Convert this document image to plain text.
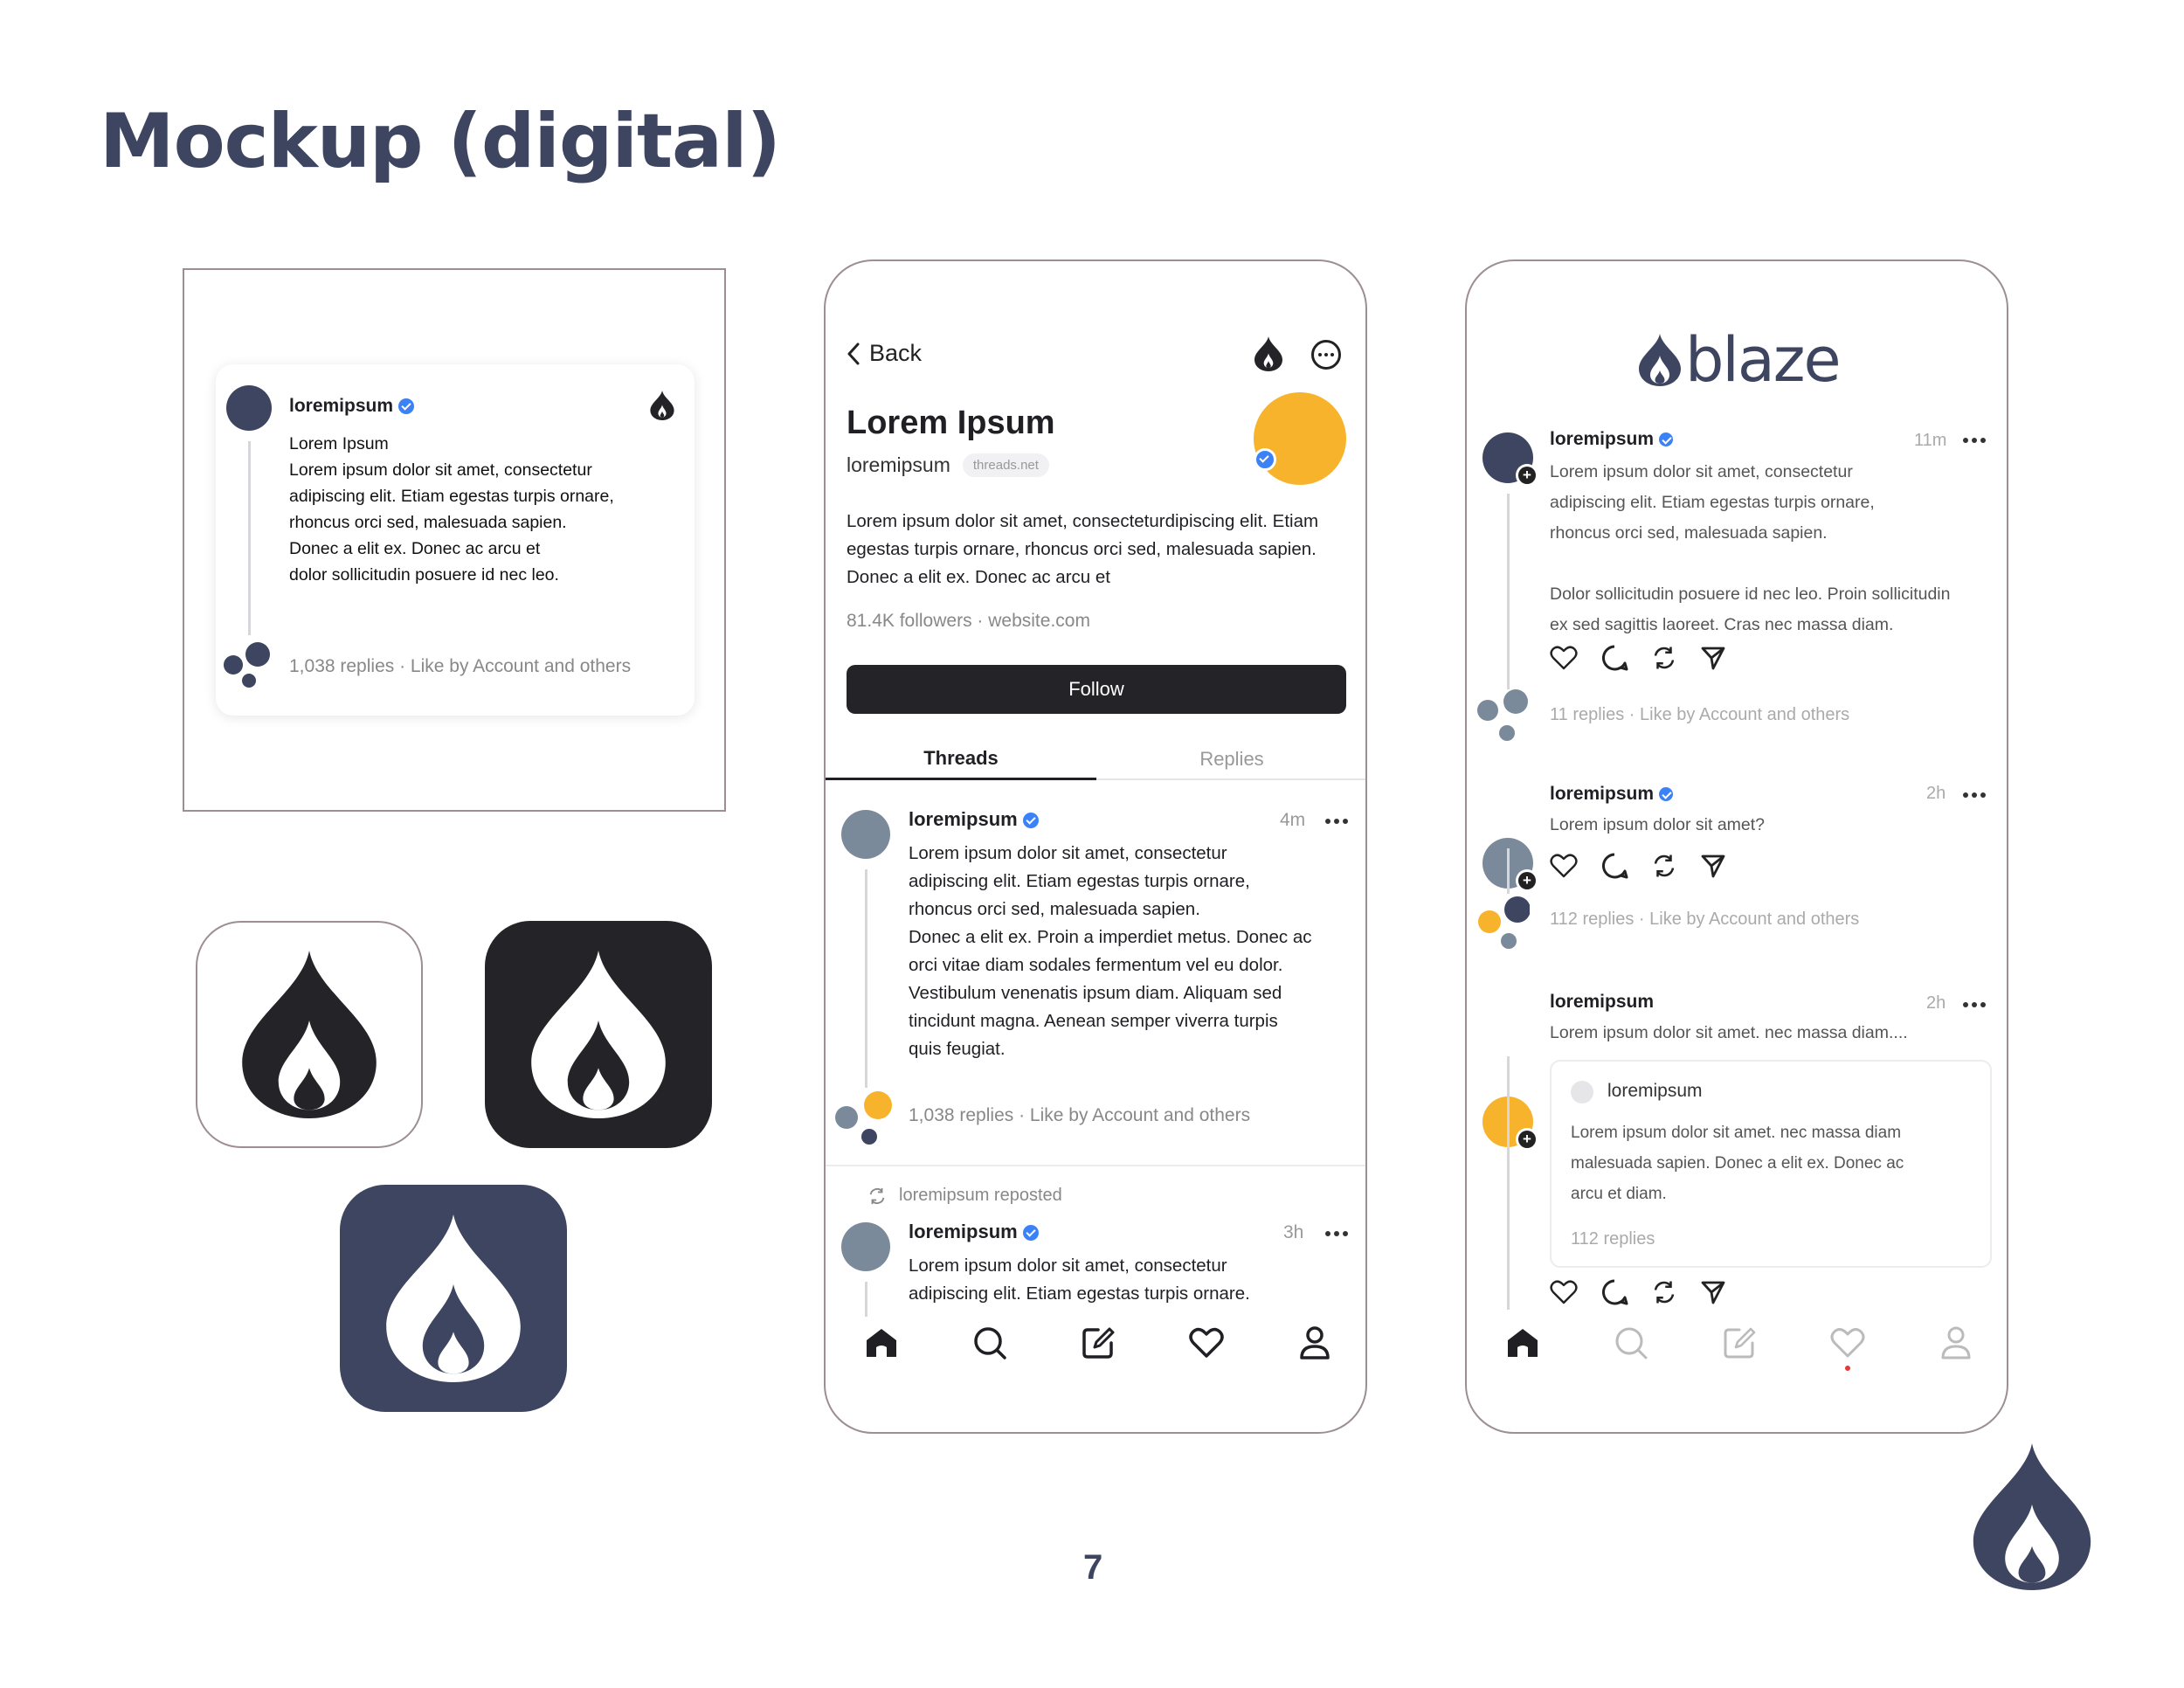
Mockup (digital)
loremipsum
Lorem Ipsum
Lorem ipsum dolor sit amet, consectetur
adipiscing elit. Etiam egestas turpis ornare,
rhoncus orci sed, malesuada sapien.
Donec a elit ex. Donec ac arcu et
dolor sollicitudin posuere id nec leo.
1,038 replies · Like by Account and others
Back
Lorem Ipsum
loremipsum	threads.net
Lorem ipsum dolor sit amet, consecteturdipiscing elit. Etiam
egestas turpis ornare, rhoncus orci sed, malesuada sapien.
Donec a elit ex. Donec ac arcu et
81.4K followers · website.com
Follow
Threads	Replies
loremipsum	4m
Lorem ipsum dolor sit amet, consectetur
adipiscing elit. Etiam egestas turpis ornare,
rhoncus orci sed, malesuada sapien.
Donec a elit ex. Proin a imperdiet metus. Donec ac
orci vitae diam sodales fermentum vel eu dolor.
Vestibulum venenatis ipsum diam. Aliquam sed
tincidunt magna. Aenean semper viverra turpis
quis feugiat.
1,038 replies · Like by Account and others
loremipsum reposted
loremipsum	3h
Lorem ipsum dolor sit amet, consectetur
adipiscing elit. Etiam egestas turpis ornare.
blaze
+
loremipsum	11m
Lorem ipsum dolor sit amet, consectetur
adipiscing elit. Etiam egestas turpis ornare,
rhoncus orci sed, malesuada sapien.
Dolor sollicitudin posuere id nec leo. Proin sollicitudin
ex sed sagittis laoreet. Cras nec massa diam.
11 replies · Like by Account and others
+
loremipsum	2h
Lorem ipsum dolor sit amet?
112 replies · Like by Account and others
+
loremipsum	2h
Lorem ipsum dolor sit amet. nec massa diam....
loremipsum
Lorem ipsum dolor sit amet. nec massa diam
malesuada sapien. Donec a elit ex. Donec ac
arcu et diam.
112 replies
7
